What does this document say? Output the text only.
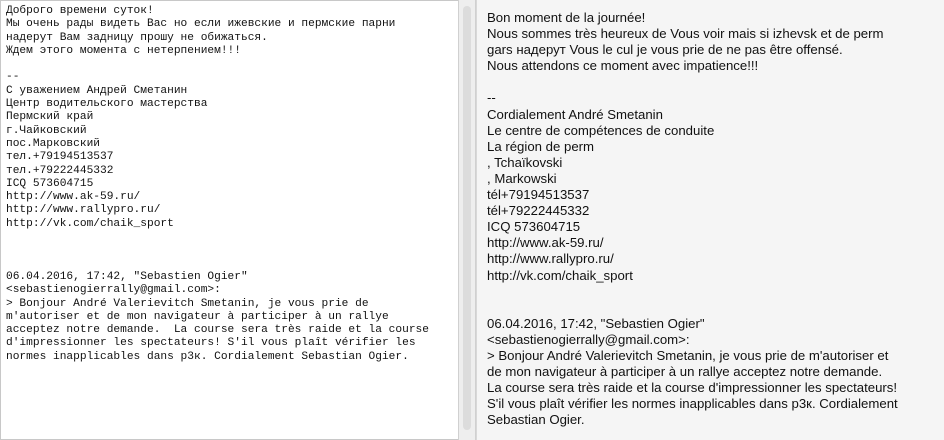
Доброго времени суток!
Мы очень рады видеть Вас но если ижевские и пермские парни
надерут Вам задницу прошу не обижаться.
Ждем этого момента с нетерпением!!!
--
С уважением Андрей Сметанин
Центр водительского мастерства
Пермский край
г.Чайковский
пос.Марковский
тел.+79194513537
тел.+79222445332
ICQ 573604715
http://www.ak-59.ru/
http://www.rallypro.ru/
http://vk.com/chaik_sport
06.04.2016, 17:42, "Sebastien Ogier"
<sebastienogierrally@gmail.com>:
> Bonjour André Valerievitch Smetanin, je vous prie de
m'autoriser et de mon navigateur à participer à un rallye
acceptez notre demande.  La course sera très raide et la course
d'impressionner les spectateurs! S'il vous plaît vérifier les
normes inapplicables dans р3к. Cordialement Sebastian Ogier.
Bon moment de la journée!
Nous sommes très heureux de Vous voir mais si izhevsk et de perm
gars надерут Vous le cul je vous prie de ne pas être offensé.
Nous attendons ce moment avec impatience!!!
--
Cordialement André Smetanin
Le centre de compétences de conduite
La région de perm
, Tchaïkovski
, Markowski
tél+79194513537
tél+79222445332
ICQ 573604715
http://www.ak-59.ru/
http://www.rallypro.ru/
http://vk.com/chaik_sport
06.04.2016, 17:42, "Sebastien Ogier"
<sebastienogierrally@gmail.com>:
> Bonjour André Valerievitch Smetanin, je vous prie de m'autoriser et
de mon navigateur à participer à un rallye acceptez notre demande.
La course sera très raide et la course d'impressionner les spectateurs!
S'il vous plaît vérifier les normes inapplicables dans р3к. Cordialement
Sebastian Ogier.
